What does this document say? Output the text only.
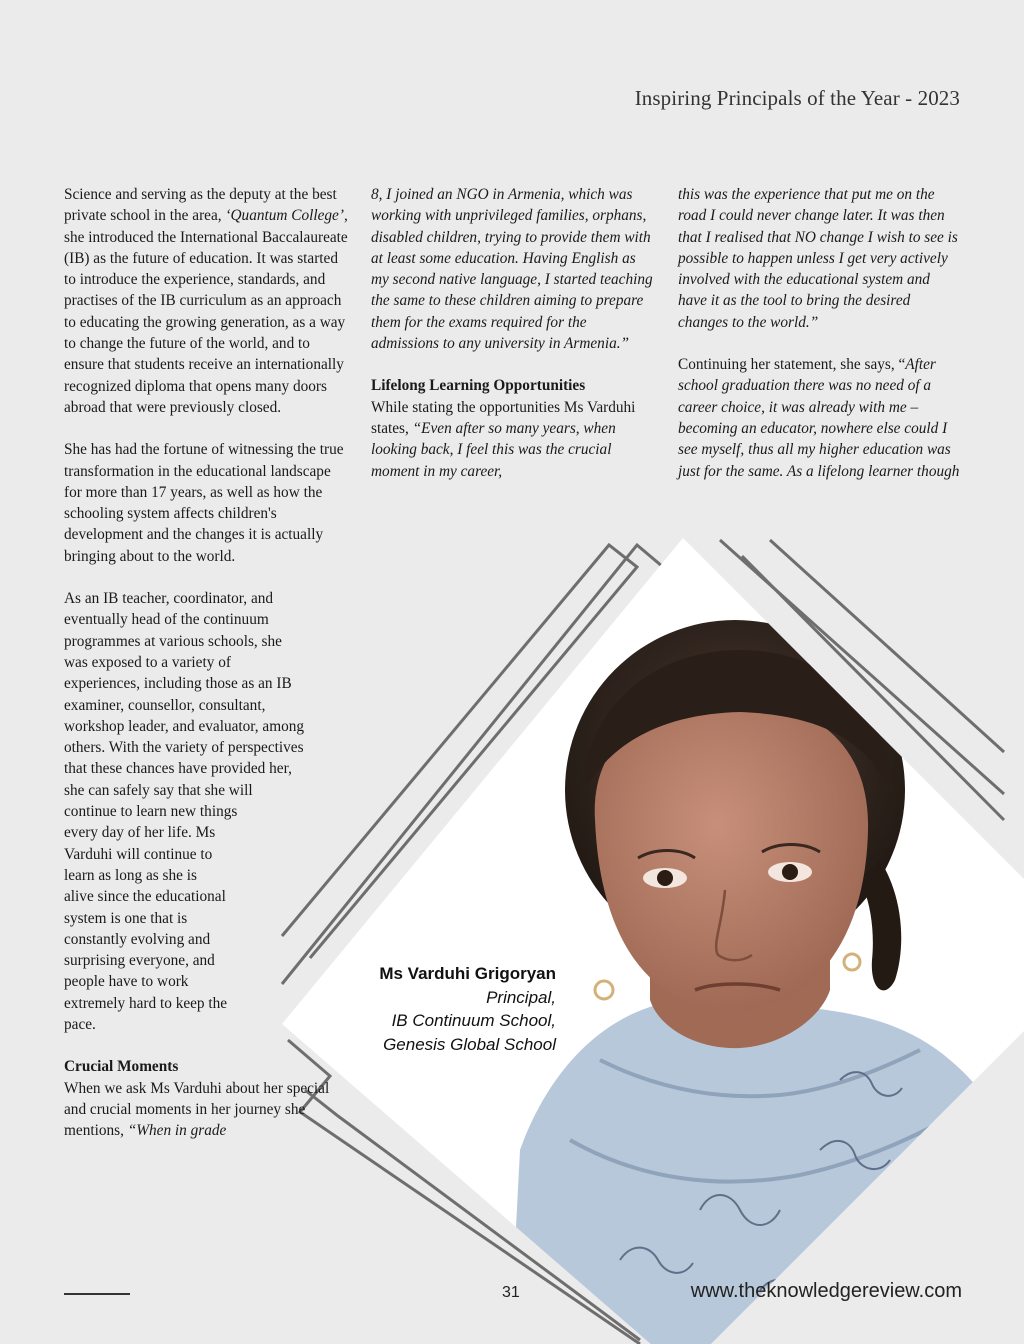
Inspiring Principals of the Year - 2023

Science and serving as the deputy at the best private school in the area, ‘Quantum College’, she introduced the International Baccalaureate (IB) as the future of education. It was started to introduce the experience, standards, and practises of the IB curriculum as an approach to educating the growing generation, as a way to change the future of the world, and to ensure that students receive an internationally recognized diploma that opens many doors abroad that were previously closed.

She has had the fortune of witnessing the true transformation in the educational landscape for more than 17 years, as well as how the schooling system affects children's development and the changes it is actually bringing about to the world.

As an IB teacher, coordinator, and
eventually head of the continuum
programmes at various schools, she
was exposed to a variety of
experiences, including those as an IB
examiner, counsellor, consultant,
workshop leader, and evaluator, among
others. With the variety of perspectives
that these chances have provided her,
she can safely say that she will
continue to learn new things
every day of her life. Ms
Varduhi will continue to
learn as long as she is
alive since the educational
system is one that is
constantly evolving and
surprising everyone, and
people have to work
extremely hard to keep the
pace.

Crucial Moments
When we ask Ms Varduhi about her special and crucial moments in her journey she mentions, “When in grade

8, I joined an NGO in Armenia, which was working with unprivileged families, orphans, disabled children, trying to provide them with at least some education. Having English as my second native language, I started teaching the same to these children aiming to prepare them for the exams required for the admissions to any university in Armenia.”

Lifelong Learning Opportunities
While stating the opportunities Ms Varduhi states, “Even after so many years, when looking back, I feel this was the crucial moment in my career,

this was the experience that put me on the road I could never change later. It was then that I realised that NO change I wish to see is possible to happen unless I get very actively involved with the educational system and have it as the tool to bring the desired changes to the world.”

Continuing her statement, she says, “After school graduation there was no need of a career choice, it was already with me – becoming an educator, nowhere else could I see myself, thus all my higher education was just for the same. As a lifelong learner though

Ms Varduhi Grigoryan
Principal,
IB Continuum School,
Genesis Global School
31	www.theknowledgereview.com
